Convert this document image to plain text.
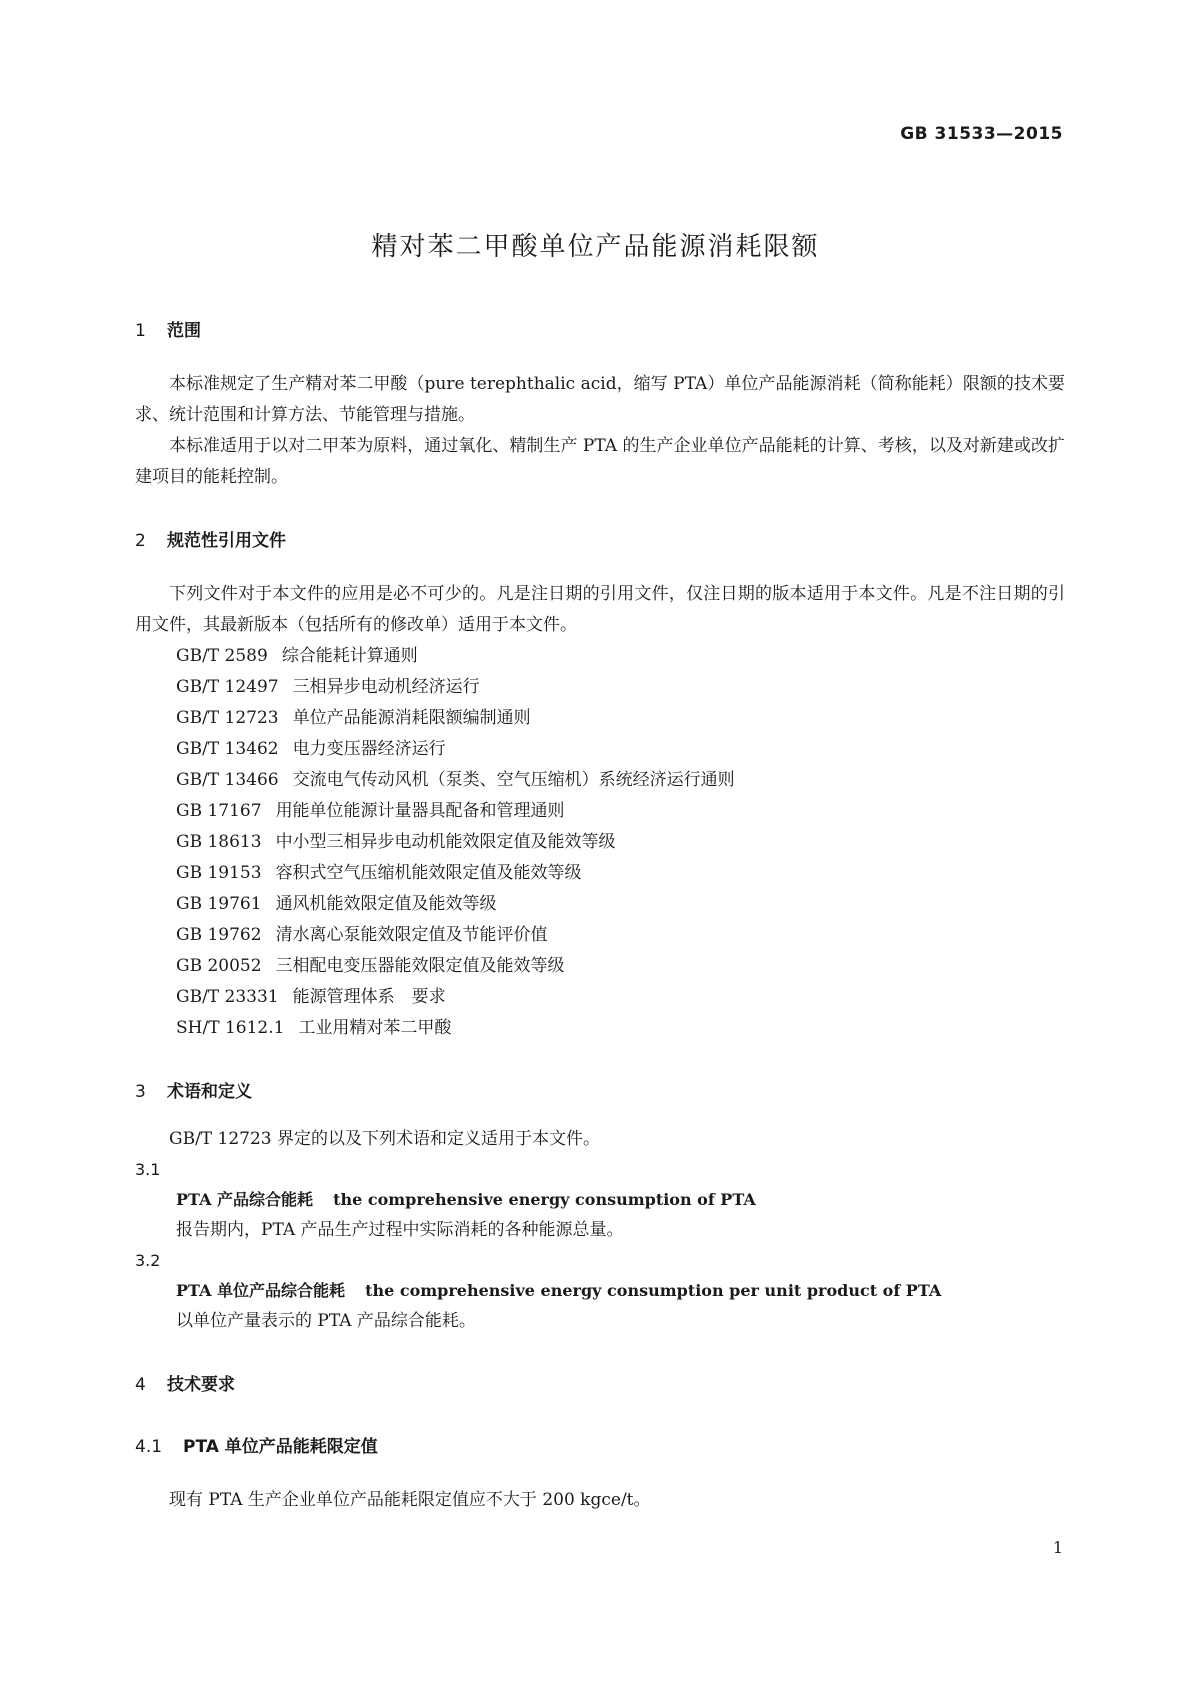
GB 31533—2015
精对苯二甲酸单位产品能源消耗限额
1 范围

本标准规定了生产精对苯二甲酸（pure terephthalic acid，缩写 PTA）单位产品能源消耗（简称能耗）限额的技术要求、统计范围和计算方法、节能管理与措施。

本标准适用于以对二甲苯为原料，通过氧化、精制生产 PTA 的生产企业单位产品能耗的计算、考核，以及对新建或改扩建项目的能耗控制。

2 规范性引用文件

下列文件对于本文件的应用是必不可少的。凡是注日期的引用文件，仅注日期的版本适用于本文件。凡是不注日期的引用文件，其最新版本（包括所有的修改单）适用于本文件。

GB/T 2589 综合能耗计算通则
GB/T 12497 三相异步电动机经济运行
GB/T 12723 单位产品能源消耗限额编制通则
GB/T 13462 电力变压器经济运行
GB/T 13466 交流电气传动风机（泵类、空气压缩机）系统经济运行通则
GB 17167 用能单位能源计量器具配备和管理通则
GB 18613 中小型三相异步电动机能效限定值及能效等级
GB 19153 容积式空气压缩机能效限定值及能效等级
GB 19761 通风机能效限定值及能效等级
GB 19762 清水离心泵能效限定值及节能评价值
GB 20052 三相配电变压器能效限定值及能效等级
GB/T 23331 能源管理体系　要求
SH/T 1612.1 工业用精对苯二甲酸
3 术语和定义

GB/T 12723 界定的以及下列术语和定义适用于本文件。

3.1
PTA 产品综合能耗 the comprehensive energy consumption of PTA
报告期内，PTA 产品生产过程中实际消耗的各种能源总量。
3.2
PTA 单位产品综合能耗 the comprehensive energy consumption per unit product of PTA
以单位产量表示的 PTA 产品综合能耗。
4 技术要求
4.1 PTA 单位产品能耗限定值

现有 PTA 生产企业单位产品能耗限定值应不大于 200 kgce/t。

1
